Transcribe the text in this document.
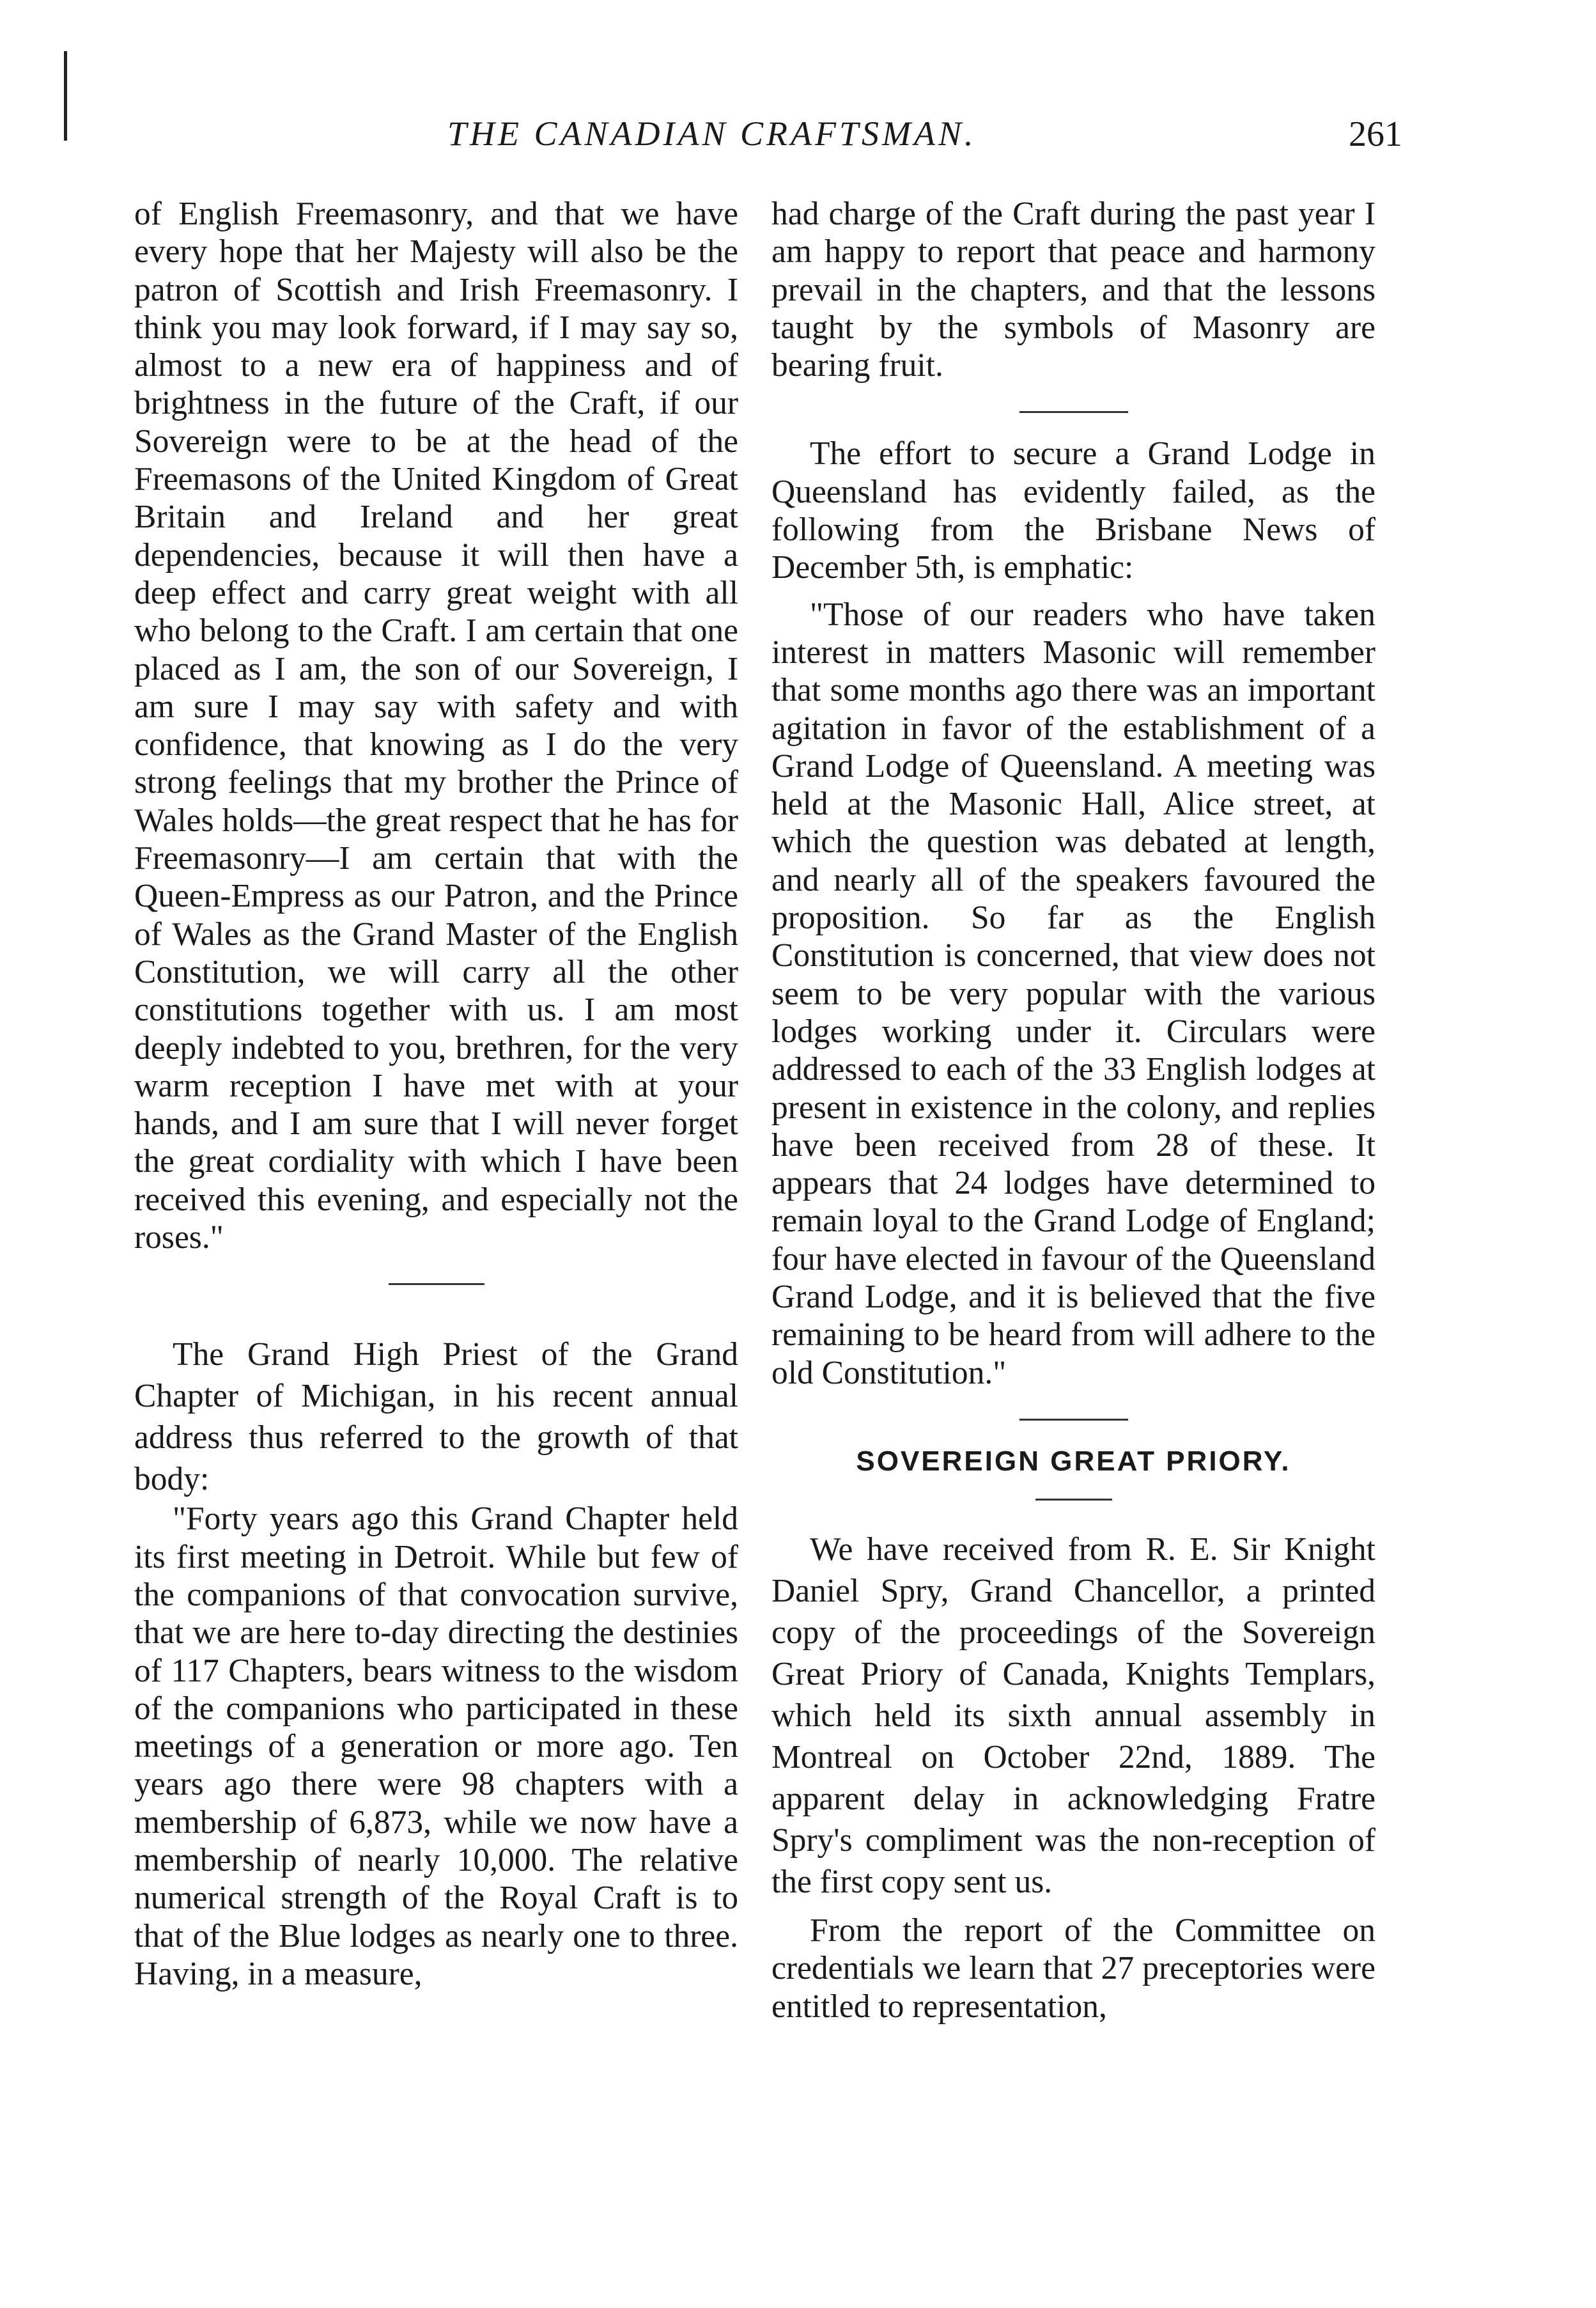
THE CANADIAN CRAFTSMAN.	261

of English Freemasonry, and that we have every hope that her Majesty will also be the patron of Scottish and Irish Freemasonry. I think you may look forward, if I may say so, almost to a new era of happiness and of brightness in the future of the Craft, if our Sovereign were to be at the head of the Freemasons of the United Kingdom of Great Britain and Ireland and her great dependencies, because it will then have a deep effect and carry great weight with all who belong to the Craft. I am certain that one placed as I am, the son of our Sovereign, I am sure I may say with safety and with confidence, that knowing as I do the very strong feelings that my brother the Prince of Wales holds—the great respect that he has for Freemasonry—I am certain that with the Queen-Empress as our Patron, and the Prince of Wales as the Grand Master of the English Constitution, we will carry all the other constitutions together with us. I am most deeply indebted to you, brethren, for the very warm reception I have met with at your hands, and I am sure that I will never forget the great cordiality with which I have been received this evening, and especially not the roses."

The Grand High Priest of the Grand Chapter of Michigan, in his recent annual address thus referred to the growth of that body:

"Forty years ago this Grand Chapter held its first meeting in Detroit. While but few of the companions of that convocation survive, that we are here to-day directing the destinies of 117 Chapters, bears witness to the wisdom of the companions who participated in these meetings of a generation or more ago. Ten years ago there were 98 chapters with a membership of 6,873, while we now have a membership of nearly 10,000. The relative numerical strength of the Royal Craft is to that of the Blue lodges as nearly one to three. Having, in a measure,

had charge of the Craft during the past year I am happy to report that peace and harmony prevail in the chapters, and that the lessons taught by the symbols of Masonry are bearing fruit.

The effort to secure a Grand Lodge in Queensland has evidently failed, as the following from the Brisbane News of December 5th, is emphatic:

"Those of our readers who have taken interest in matters Masonic will remember that some months ago there was an important agitation in favor of the establishment of a Grand Lodge of Queensland. A meeting was held at the Masonic Hall, Alice street, at which the question was debated at length, and nearly all of the speakers favoured the proposition. So far as the English Constitution is concerned, that view does not seem to be very popular with the various lodges working under it. Circulars were addressed to each of the 33 English lodges at present in existence in the colony, and replies have been received from 28 of these. It appears that 24 lodges have determined to remain loyal to the Grand Lodge of England; four have elected in favour of the Queensland Grand Lodge, and it is believed that the five remaining to be heard from will adhere to the old Constitution."

SOVEREIGN GREAT PRIORY.

We have received from R. E. Sir Knight Daniel Spry, Grand Chancellor, a printed copy of the proceedings of the Sovereign Great Priory of Canada, Knights Templars, which held its sixth annual assembly in Montreal on October 22nd, 1889. The apparent delay in acknowledging Fratre Spry's compliment was the non-reception of the first copy sent us.

From the report of the Committee on credentials we learn that 27 preceptories were entitled to representation,
